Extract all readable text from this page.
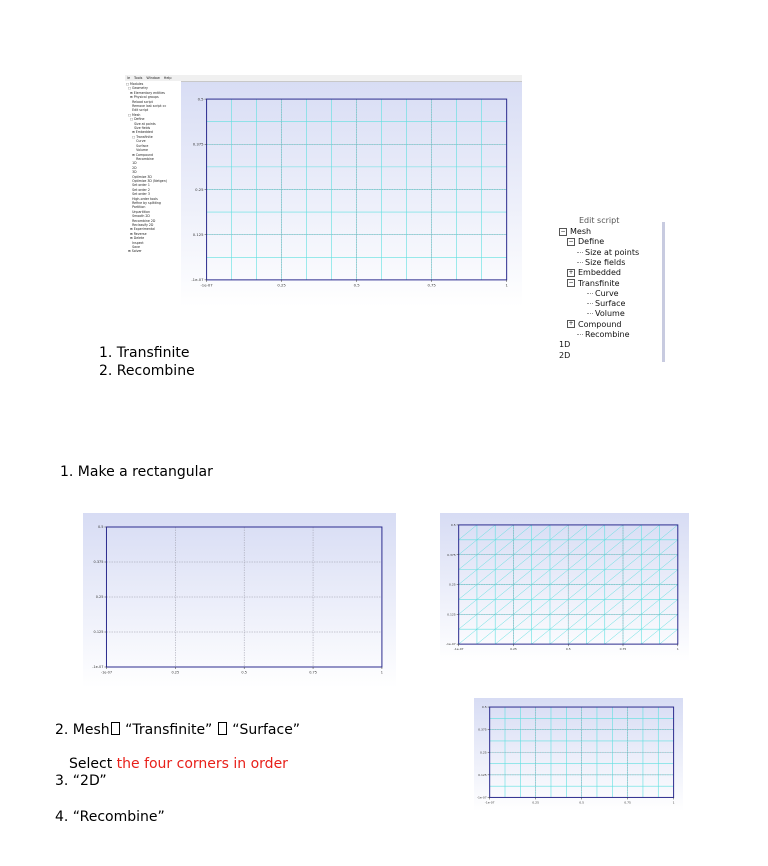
le Tools Window Help
□ Modules
□ Geometry
⊞ Elementary entities
⊞ Physical groups
Reload script
Remove last script cc
Edit script
□ Mesh
□ Define
Size at points
Size fields
⊞ Embedded
□ Transfinite
Curve
Surface
Volume
⊞ Compound
Recombine
1D
2D
3D
Optimize 3D
Optimize 3D (Netgen)
Set order 1
Set order 2
Set order 3
High-order tools
Refine by splitting
Partition
Unpartition
Smooth 2D
Recombine 2D
Reclassify 2D
⊞ Experimental
⊞ Reverse
⊞ Delete
Inspect
Save
⊞ Solver
-1e-07	0.25	0.5	0.75	1
0.5
0.375
0.25
0.125
-1e-07
Edit script
− Mesh
− Define
Size at points
Size fields
+ Embedded
− Transfinite
Curve
Surface
Volume
+ Compound
Recombine
1D
2D
1. Transfinite
2. Recombine
1. Make a rectangular
-1e-07	0.25	0.5	0.75	1
0.5
0.375
0.25
0.125
-1e-07
-1e-07	0.25	0.5	0.75	1
0.5
0.375
0.25
0.125
-1e-07
-1e-07	0.25	0.5	0.75	1
0.5
0.375
0.25
0.125
-1e-07
2. Mesh “Transfinite”  “Surface”
Select the four corners in order
3. “2D”
4. “Recombine”
